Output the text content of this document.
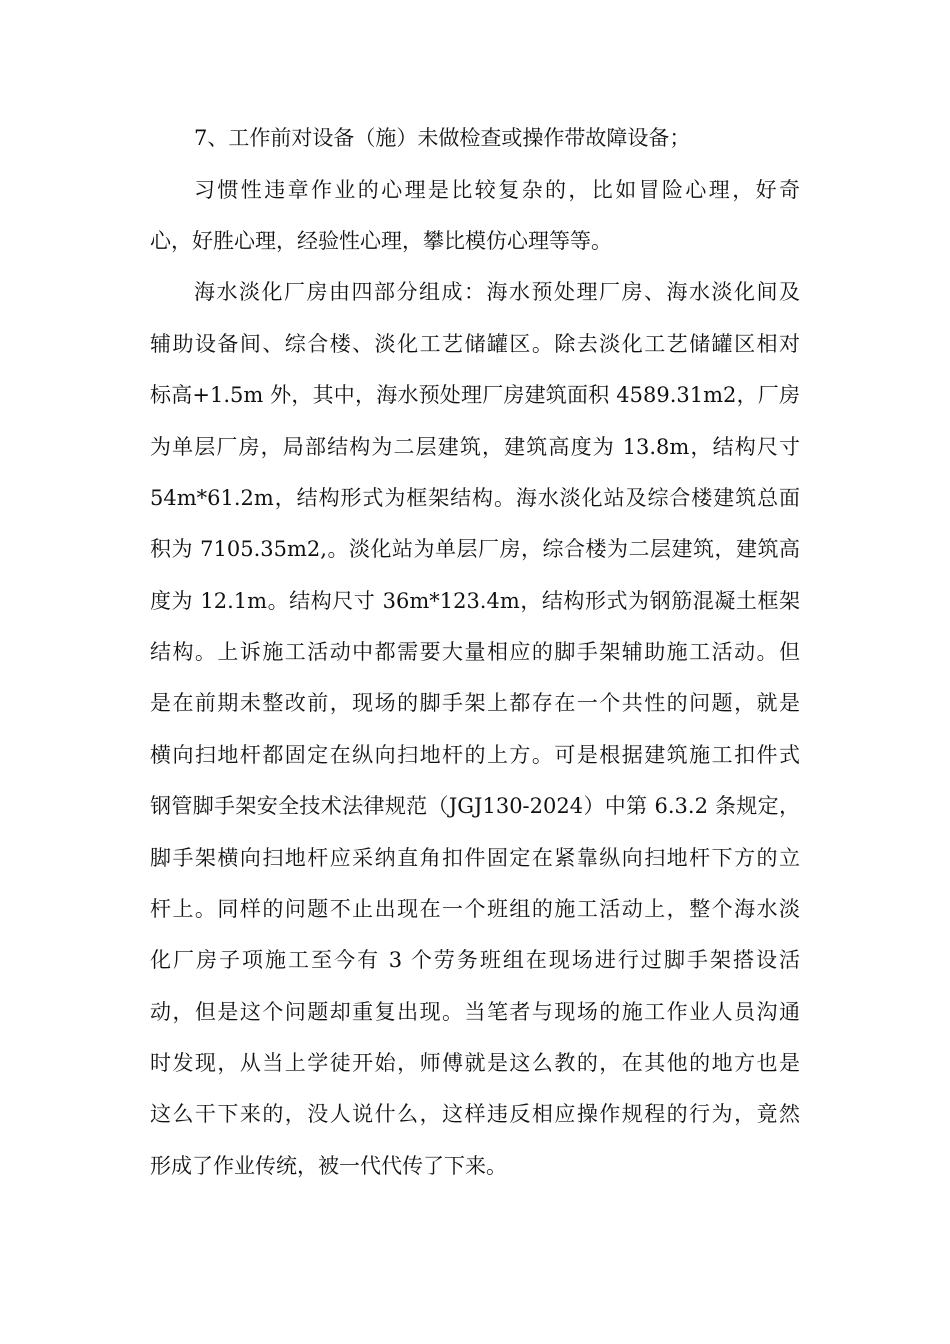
7、工作前对设备（施）未做检查或操作带故障设备；
习惯性违章作业的心理是比较复杂的，比如冒险心理，好奇
心，好胜心理，经验性心理，攀比模仿心理等等。
海水淡化厂房由四部分组成：海水预处理厂房、海水淡化间及
辅助设备间、综合楼、淡化工艺储罐区。除去淡化工艺储罐区相对
标高+1.5m 外，其中，海水预处理厂房建筑面积 4589.31m2，厂房
为单层厂房，局部结构为二层建筑，建筑高度为 13.8m，结构尺寸
54m*61.2m，结构形式为框架结构。海水淡化站及综合楼建筑总面
积为 7105.35m2,。淡化站为单层厂房，综合楼为二层建筑，建筑高
度为 12.1m。结构尺寸 36m*123.4m，结构形式为钢筋混凝土框架
结构。上诉施工活动中都需要大量相应的脚手架辅助施工活动。但
是在前期未整改前，现场的脚手架上都存在一个共性的问题，就是
横向扫地杆都固定在纵向扫地杆的上方。可是根据建筑施工扣件式
钢管脚手架安全技术法律规范（JGJ130-2024）中第 6.3.2 条规定，
脚手架横向扫地杆应采纳直角扣件固定在紧靠纵向扫地杆下方的立
杆上。同样的问题不止出现在一个班组的施工活动上，整个海水淡
化厂房子项施工至今有 3 个劳务班组在现场进行过脚手架搭设活
动，但是这个问题却重复出现。当笔者与现场的施工作业人员沟通
时发现，从当上学徒开始，师傅就是这么教的，在其他的地方也是
这么干下来的，没人说什么，这样违反相应操作规程的行为，竟然
形成了作业传统，被一代代传了下来。
